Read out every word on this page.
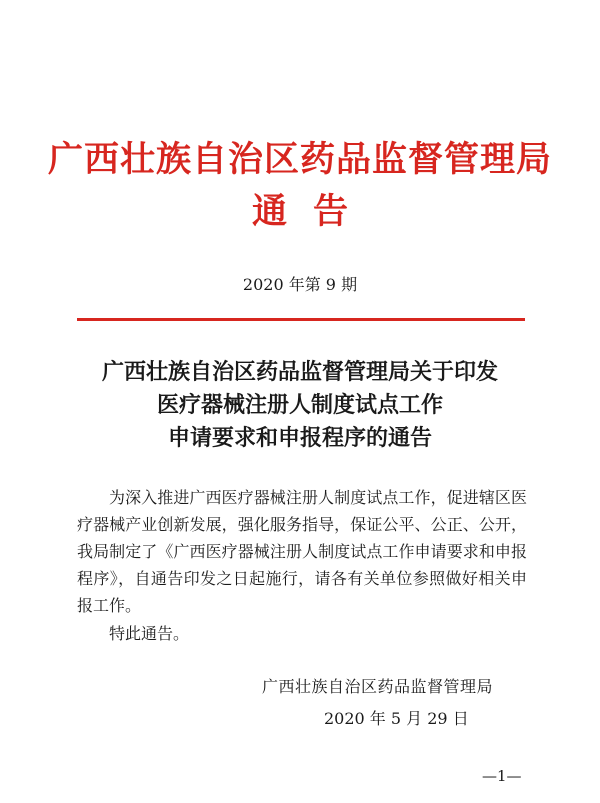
广西壮族自治区药品监督管理局
通告
2020 年第 9 期
广西壮族自治区药品监督管理局关于印发
医疗器械注册人制度试点工作
申请要求和申报程序的通告
为深入推进广西医疗器械注册人制度试点工作，促进辖区医疗器械产业创新发展，强化服务指导，保证公平、公正、公开，我局制定了《广西医疗器械注册人制度试点工作申请要求和申报程序》，自通告印发之日起施行，请各有关单位参照做好相关申报工作。
特此通告。
广西壮族自治区药品监督管理局
2020 年 5 月 29 日
—1—
